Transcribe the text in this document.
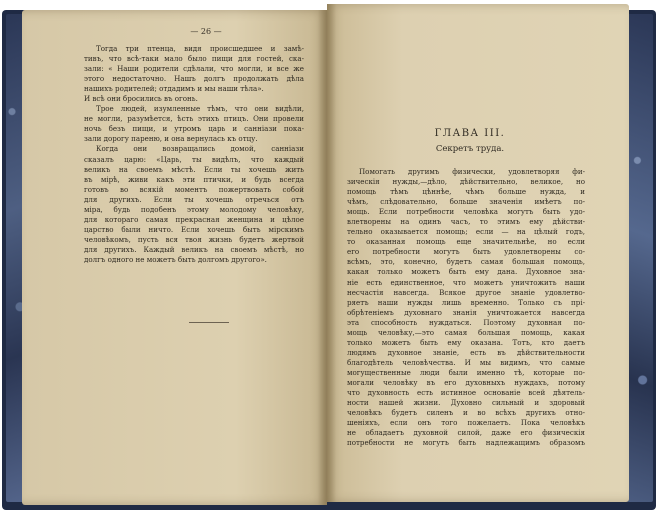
— 26 —
Тогда три птенца, видя происшедшее и замѣ-
тивъ, что всѣ-таки мало было пищи для гостей, ска-
зали: « Наши родители сдѣлали, что могли, и все же
этого недостаточно. Нашъ долгъ продолжать дѣла
нашихъ родителей; отдадимъ и мы наши тѣла».
И всѣ они бросились въ огонь.
Трое людей, изумленные тѣмъ, что они видѣли,
не могли, разумѣется, ѣсть этихъ птицъ. Они провели
ночь безъ пищи, и утромъ царь и саннiази пока-
зали дорогу пареню, и она вернулась къ отцу.
Когда они возвращались домой, саннiази
сказалъ царю: «Царь, ты видѣлъ, что каждый
великъ на своемъ мѣстѣ. Если ты хочешь жить
въ мiрѣ, живи какъ эти птички, и будь всегда
готовъ во всякій моментъ пожертвовать собой
для другихъ. Если ты хочешь отречься отъ
мiра, будь подобенъ этому молодому человѣку,
для котораго самая прекрасная женщина и цѣлое
царство были ничто. Если хочешь быть мiрскимъ
человѣкомъ, пусть вся твоя жизнь будетъ жертвой
для другихъ. Каждый великъ на своемъ мѣстѣ, но
долгъ одного не можетъ быть долгомъ другого».
ГЛАВА III.
Секретъ труда.
Помогать другимъ физически, удовлетворяя фи-
зическія нужды,—дѣло, дѣйствительно, великое, но
помощь тѣмъ цѣннѣе, чѣмъ больше нужда, и
чѣмъ, слѣдовательно, больше значенія имѣетъ по-
мощь. Если потребности человѣка могутъ быть удо-
влетворены на одинъ часъ, то этимъ ему дѣйстви-
тельно оказывается помощь; если — на цѣлый годъ,
то оказанная помощь еще значительнѣе, но если
его потребности могутъ быть удовлетворены со-
всѣмъ, это, конечно, будетъ самая большая помощь,
какая только можетъ быть ему дана. Духовное зна-
ніе есть единственное, что можетъ уничтожить наши
несчастія навсегда. Всякое другое знаніе удовлетво-
ряетъ наши нужды лишь временно. Только съ прі-
обрѣтеніемъ духовнаго знанія уничтожается навсегда
эта способность нуждаться. Поэтому духовная по-
мощь человѣку,—это самая большая помощь, какая
только можетъ быть ему оказана. Тотъ, кто даетъ
людямъ духовное знаніе, есть въ дѣйствительности
благодѣтель человѣчества. И мы видимъ, что самые
могущественные люди были именно тѣ, которые по-
могали человѣку въ его духовныхъ нуждахъ, потому
что духовность есть истинное основаніе всей дѣятель-
ности нашей жизни. Духовно сильный и здоровый
человѣкъ будетъ силенъ и во всѣхъ другихъ отно-
шеніяхъ, если онъ того пожелаетъ. Пока человѣкъ
не обладаетъ духовной силой, даже его физическія
потребности не могутъ быть надлежащимъ образомъ
